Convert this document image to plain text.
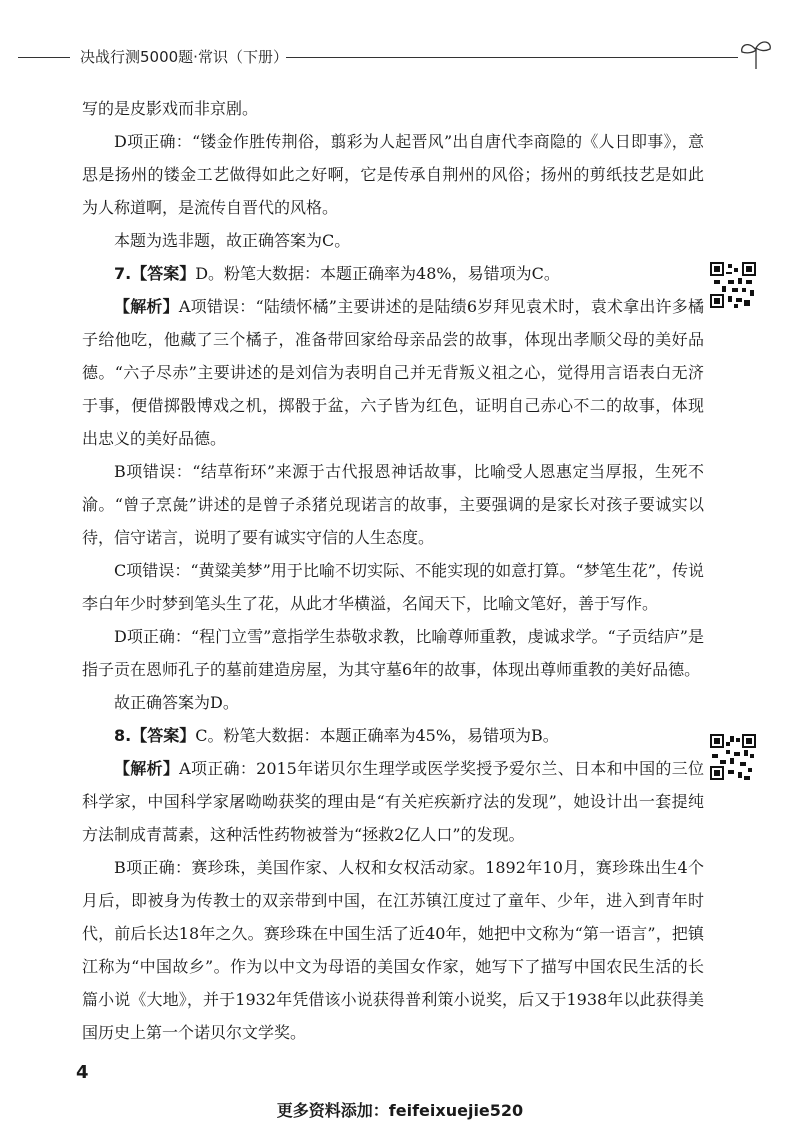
决战行测5000题·常识（下册）

写的是皮影戏而非京剧。

D项正确：“镂金作胜传荆俗，翦彩为人起晋风”出自唐代李商隐的《人日即事》，意思是扬州的镂金工艺做得如此之好啊，它是传承自荆州的风俗；扬州的剪纸技艺是如此为人称道啊，是流传自晋代的风格。

本题为选非题，故正确答案为C。

7.【答案】D。粉笔大数据：本题正确率为48%，易错项为C。

【解析】A项错误：“陆绩怀橘”主要讲述的是陆绩6岁拜见袁术时，袁术拿出许多橘子给他吃，他藏了三个橘子，准备带回家给母亲品尝的故事，体现出孝顺父母的美好品德。“六子尽赤”主要讲述的是刘信为表明自己并无背叛义祖之心，觉得用言语表白无济于事，便借掷骰博戏之机，掷骰于盆，六子皆为红色，证明自己赤心不二的故事，体现出忠义的美好品德。

B项错误：“结草衔环”来源于古代报恩神话故事，比喻受人恩惠定当厚报，生死不渝。“曾子烹彘”讲述的是曾子杀猪兑现诺言的故事，主要强调的是家长对孩子要诚实以待，信守诺言，说明了要有诚实守信的人生态度。

C项错误：“黄粱美梦”用于比喻不切实际、不能实现的如意打算。“梦笔生花”，传说李白年少时梦到笔头生了花，从此才华横溢，名闻天下，比喻文笔好，善于写作。

D项正确：“程门立雪”意指学生恭敬求教，比喻尊师重教，虔诚求学。“子贡结庐”是指子贡在恩师孔子的墓前建造房屋，为其守墓6年的故事，体现出尊师重教的美好品德。

故正确答案为D。

8.【答案】C。粉笔大数据：本题正确率为45%，易错项为B。

【解析】A项正确：2015年诺贝尔生理学或医学奖授予爱尔兰、日本和中国的三位科学家，中国科学家屠呦呦获奖的理由是“有关疟疾新疗法的发现”，她设计出一套提纯方法制成青蒿素，这种活性药物被誉为“拯救2亿人口”的发现。

B项正确：赛珍珠，美国作家、人权和女权活动家。1892年10月，赛珍珠出生4个月后，即被身为传教士的双亲带到中国，在江苏镇江度过了童年、少年，进入到青年时代，前后长达18年之久。赛珍珠在中国生活了近40年，她把中文称为“第一语言”，把镇江称为“中国故乡”。作为以中文为母语的美国女作家，她写下了描写中国农民生活的长篇小说《大地》，并于1932年凭借该小说获得普利策小说奖，后又于1938年以此获得美国历史上第一个诺贝尔文学奖。

4
更多资料添加：feifeixuejie520
